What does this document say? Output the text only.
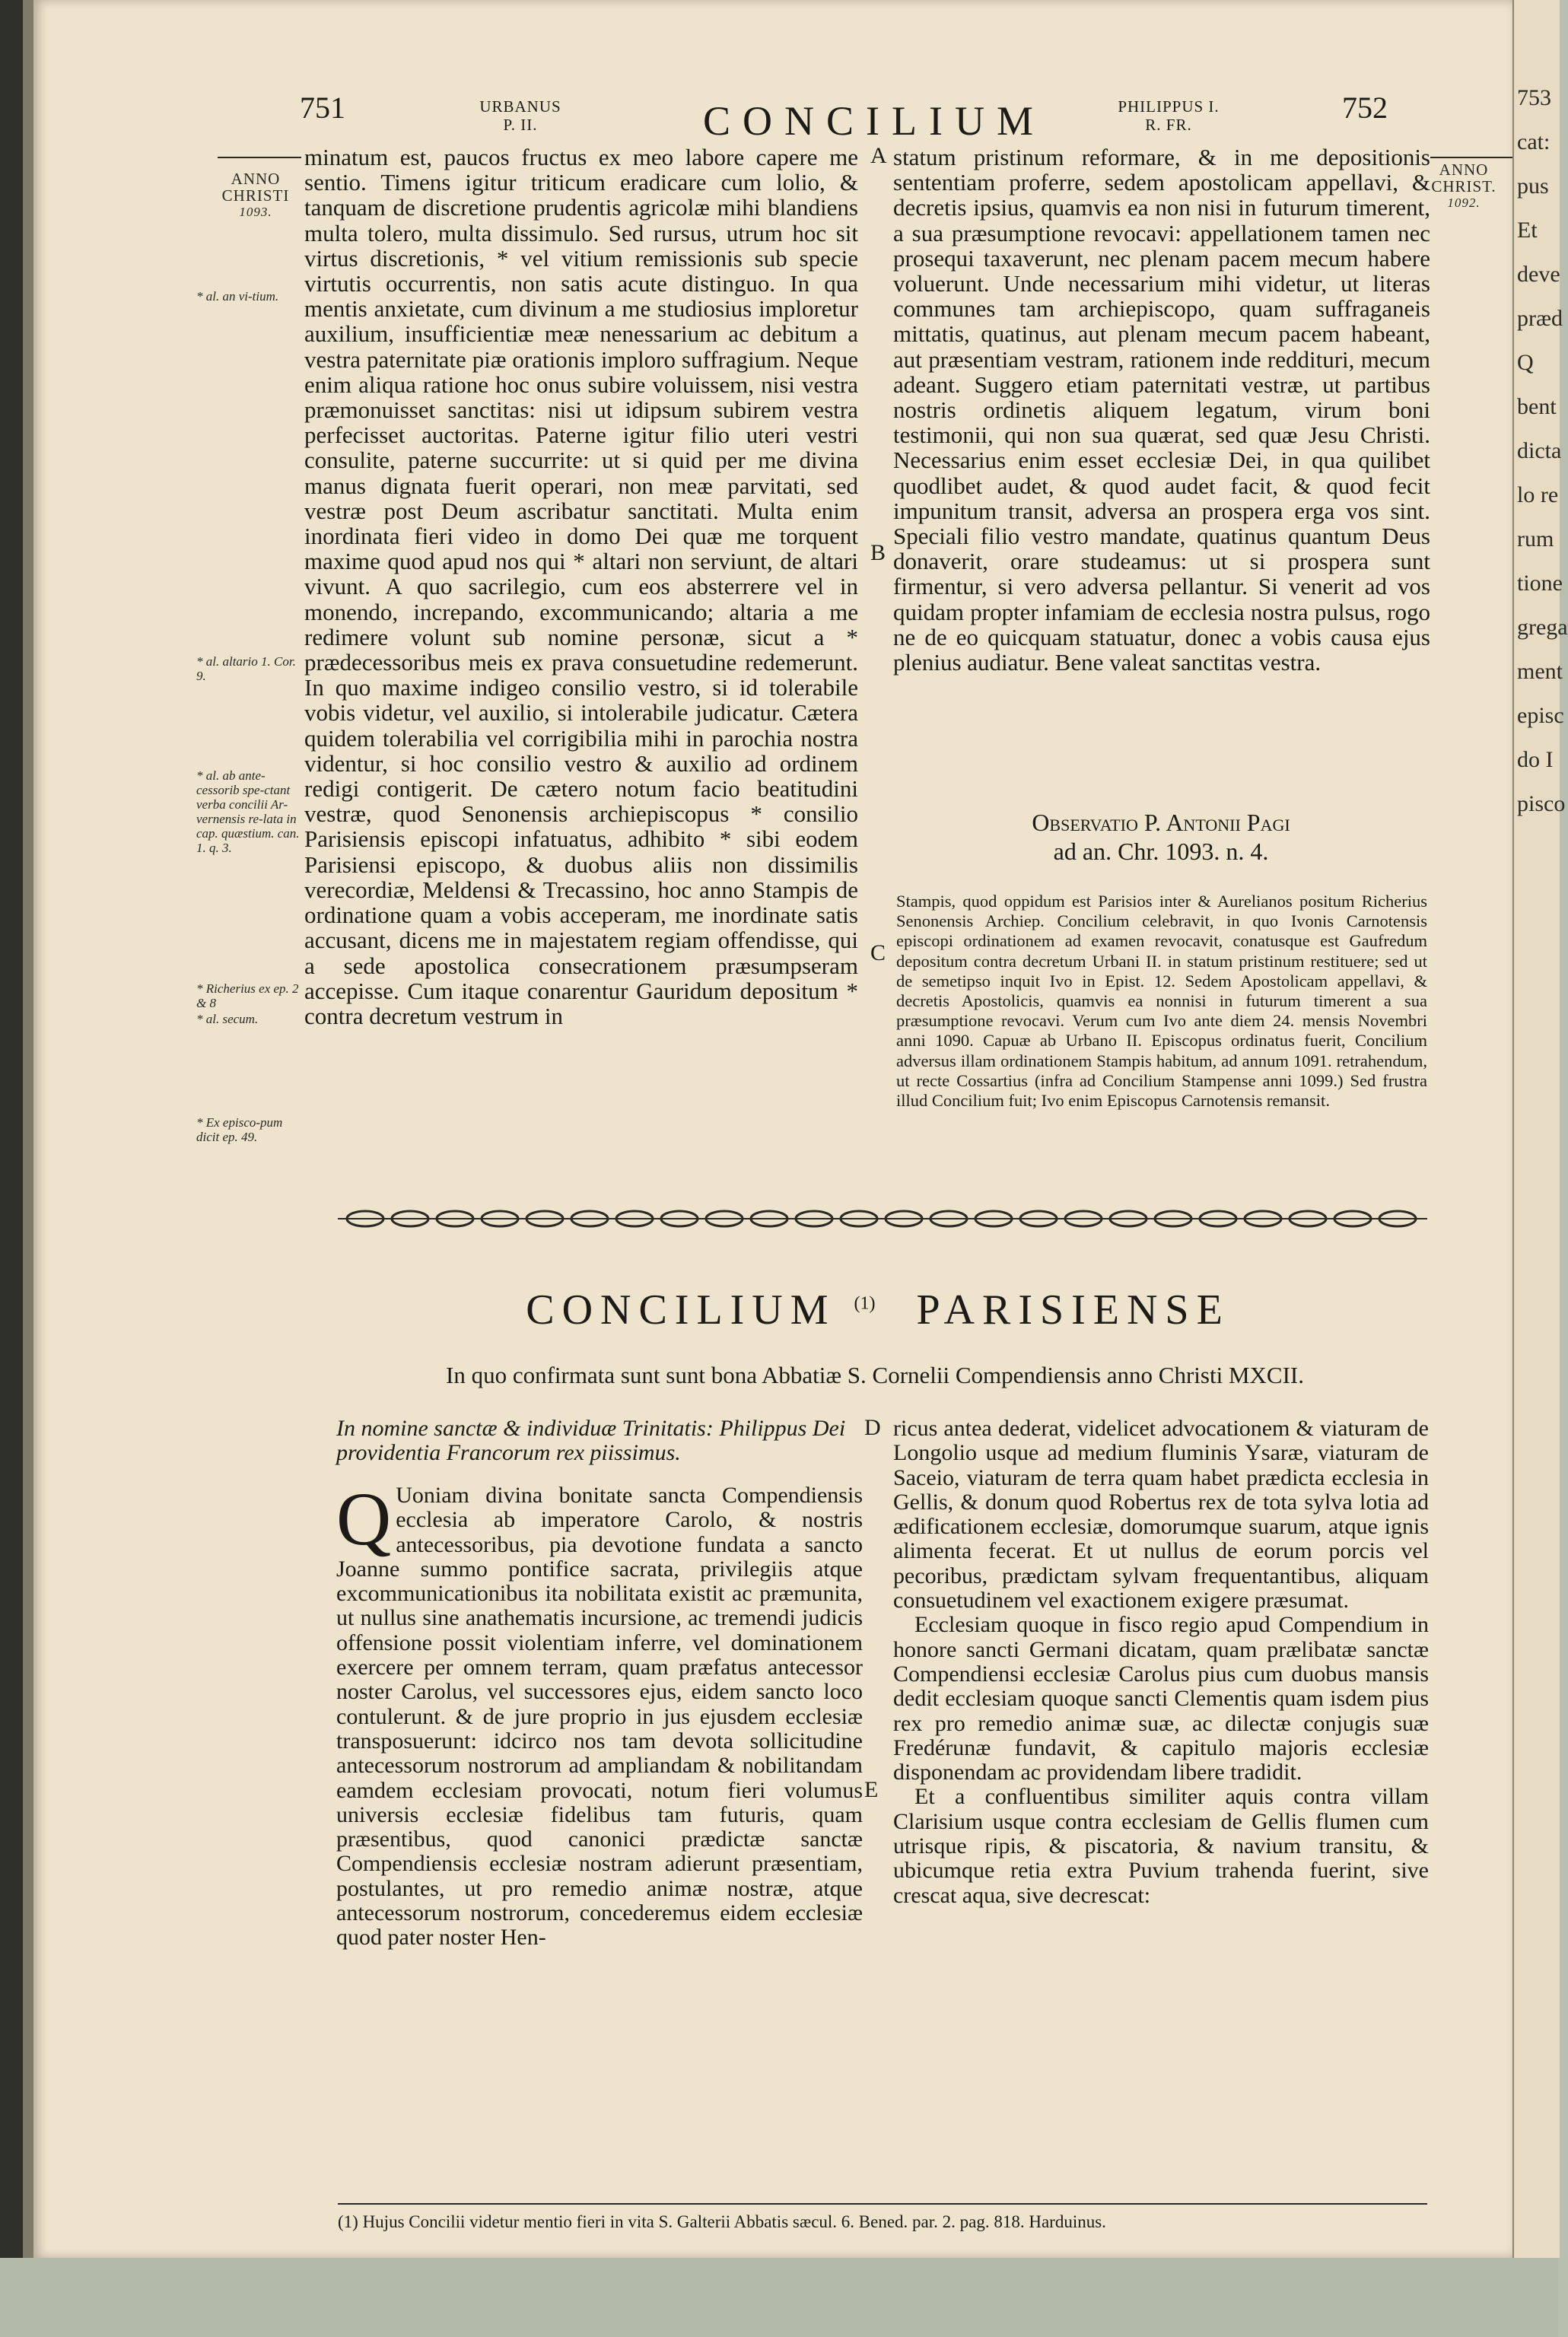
751	URBANUS
P. II.	CONCILIUM	PHILIPPUS I.
R. FR.	752
ANNO
CHRISTI
1093.
ANNO
CHRIST.
1092.
* al. an vi-tium.
* al. altario 1. Cor. 9.
* al. ab ante-cessorib spe-ctant verba concilii Ar-vernensis re-lata in cap. quæstium. can. 1. q. 3.
* Richerius ex ep. 2 & 8
* al. secum.
* Ex episco-pum dicit ep. 49.
A
B
C
D
E

minatum est, paucos fructus ex meo labore capere me sentio. Timens igitur triticum eradicare cum lolio, & tanquam de discretione prudentis agricolæ mihi blandiens multa tolero, multa dissimulo. Sed rursus, utrum hoc sit virtus discretionis, * vel vitium remissionis sub specie virtutis occurrentis, non satis acute distinguo. In qua mentis anxietate, cum divinum a me studiosius imploretur auxilium, insufficientiæ meæ nenessarium ac debitum a vestra paternitate piæ orationis imploro suffragium. Neque enim aliqua ratione hoc onus subire voluissem, nisi vestra præmonuisset sanctitas: nisi ut idipsum subirem vestra perfecisset auctoritas. Paterne igitur filio uteri vestri consulite, paterne succurrite: ut si quid per me divina manus dignata fuerit operari, non meæ parvitati, sed vestræ post Deum ascribatur sanctitati. Multa enim inordinata fieri video in domo Dei quæ me torquent maxime quod apud nos qui * altari non serviunt, de altari vivunt. A quo sacrilegio, cum eos absterrere vel in monendo, increpando, excommunicando; altaria a me redimere volunt sub nomine personæ, sicut a * prædecessoribus meis ex prava consuetudine redemerunt. In quo maxime indigeo consilio vestro, si id tolerabile vobis videtur, vel auxilio, si intolerabile judicatur. Cætera quidem tolerabilia vel corrigibilia mihi in parochia nostra videntur, si hoc consilio vestro & auxilio ad ordinem redigi contigerit. De cætero notum facio beatitudini vestræ, quod Senonensis archiepiscopus * consilio Parisiensis episcopi infatuatus, adhibito * sibi eodem Parisiensi episcopo, & duobus aliis non dissimilis verecordiæ, Meldensi & Trecassino, hoc anno Stampis de ordinatione quam a vobis acceperam, me inordinate satis accusant, dicens me in majestatem regiam offendisse, qui a sede apostolica consecrationem præsumpseram accepisse. Cum itaque conarentur Gauridum depositum * contra decretum vestrum in

statum pristinum reformare, & in me depositionis sententiam proferre, sedem apostolicam appellavi, & decretis ipsius, quamvis ea non nisi in futurum timerent, a sua præsumptione revocavi: appellationem tamen nec prosequi taxaverunt, nec plenam pacem mecum habere voluerunt. Unde necessarium mihi videtur, ut literas communes tam archiepiscopo, quam suffraganeis mittatis, quatinus, aut plenam mecum pacem habeant, aut præsentiam vestram, rationem inde reddituri, mecum adeant. Suggero etiam paternitati vestræ, ut partibus nostris ordinetis aliquem legatum, virum boni testimonii, qui non sua quærat, sed quæ Jesu Christi. Necessarius enim esset ecclesiæ Dei, in qua quilibet quodlibet audet, & quod audet facit, & quod fecit impunitum transit, adversa an prospera erga vos sint. Speciali filio vestro mandate, quatinus quantum Deus donaverit, orare studeamus: ut si prospera sunt firmentur, si vero adversa pellantur. Si venerit ad vos quidam propter infamiam de ecclesia nostra pulsus, rogo ne de eo quicquam statuatur, donec a vobis causa ejus plenius audiatur. Bene valeat sanctitas vestra.

Observatio P. Antonii Pagi
ad an. Chr. 1093. n. 4.
Stampis, quod oppidum est Parisios inter & Aurelianos positum Richerius Senonensis Archiep. Concilium celebravit, in quo Ivonis Carnotensis episcopi ordinationem ad examen revocavit, conatusque est Gaufredum depositum contra decretum Urbani II. in statum pristinum restituere; sed ut de semetipso inquit Ivo in Epist. 12. Sedem Apostolicam appellavi, & decretis Apostolicis, quamvis ea nonnisi in futurum timerent a sua præsumptione revocavi. Verum cum Ivo ante diem 24. mensis Novembri anni 1090. Capuæ ab Urbano II. Episcopus ordinatus fuerit, Concilium adversus illam ordinationem Stampis habitum, ad annum 1091. retrahendum, ut recte Cossartius (infra ad Concilium Stampense anni 1099.) Sed frustra illud Concilium fuit; Ivo enim Episcopus Carnotensis remansit.
CONCILIUM $^{(1)}$ PARISIENSE
In quo confirmata sunt sunt bona Abbatiæ S. Cornelii Compendiensis anno Christi MXCII.
In nomine sanctæ & individuæ Trinitatis: Philippus Dei providentia Francorum rex piissimus.
Q Uoniam divina bonitate sancta Compendiensis ecclesia ab imperatore Carolo, & nostris antecessoribus, pia devotione fundata a sancto Joanne summo pontifice sacrata, privilegiis atque excommunicationibus ita nobilitata existit ac præmunita, ut nullus sine anathematis incursione, ac tremendi judicis offensione possit violentiam inferre, vel dominationem exercere per omnem terram, quam præfatus antecessor noster Carolus, vel successores ejus, eidem sancto loco contulerunt. & de jure proprio in jus ejusdem ecclesiæ transposuerunt: idcirco nos tam devota sollicitudine antecessorum nostrorum ad ampliandam & nobilitandam eamdem ecclesiam provocati, notum fieri volumus universis ecclesiæ fidelibus tam futuris, quam præsentibus, quod canonici prædictæ sanctæ Compendiensis ecclesiæ nostram adierunt præsentiam, postulantes, ut pro remedio animæ nostræ, atque antecessorum nostrorum, concederemus eidem ecclesiæ quod pater noster Hen-

ricus antea dederat, videlicet advocationem & viaturam de Longolio usque ad medium fluminis Ysaræ, viaturam de Saceio, viaturam de terra quam habet prædicta ecclesia in Gellis, & donum quod Robertus rex de tota sylva lotia ad ædificationem ecclesiæ, domorumque suarum, atque ignis alimenta fecerat. Et ut nullus de eorum porcis vel pecoribus, prædictam sylvam frequentantibus, aliquam consuetudinem vel exactionem exigere præsumat.

Ecclesiam quoque in fisco regio apud Compendium in honore sancti Germani dicatam, quam prælibatæ sanctæ Compendiensi ecclesiæ Carolus pius cum duobus mansis dedit ecclesiam quoque sancti Clementis quam isdem pius rex pro remedio animæ suæ, ac dilectæ conjugis suæ Fredérunæ fundavit, & capitulo majoris ecclesiæ disponendam ac providendam libere tradidit.

Et a confluentibus similiter aquis contra villam Clarisium usque contra ecclesiam de Gellis flumen cum utrisque ripis, & piscatoria, & navium transitu, & ubicumque retia extra Puvium trahenda fuerint, sive crescat aqua, sive decrescat:

(1) Hujus Concilii videtur mentio fieri in vita S. Galterii Abbatis sæcul. 6. Bened. par. 2. pag. 818. Harduinus.
753
cat:
pus
Et
deve
præd
Q
bent
dicta
lo re
rum
tione
grega
ment
episc
do I
pisco
